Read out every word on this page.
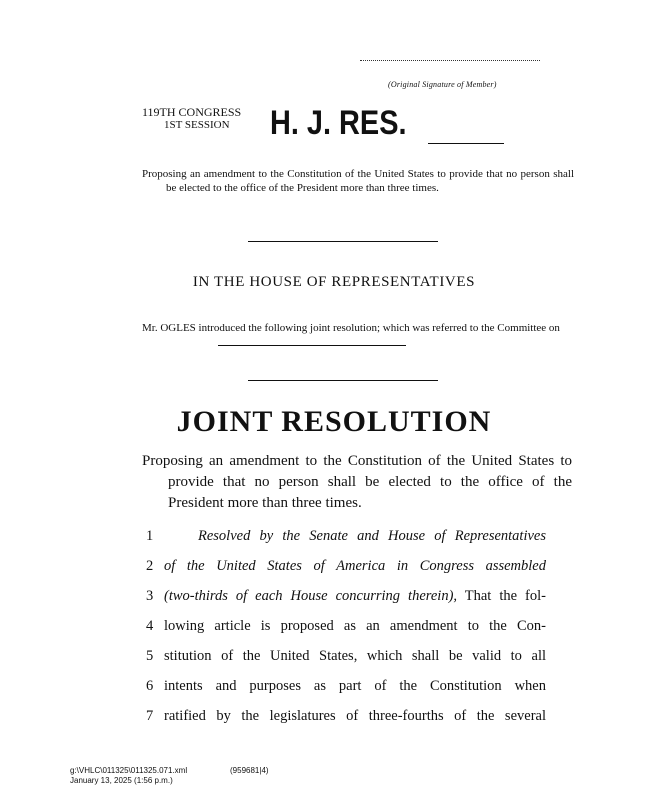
(Original Signature of Member)
119TH CONGRESS
1ST SESSION	H. J. RES.
Proposing an amendment to the Constitution of the United States to provide that no person shall be elected to the office of the President more than three times.
IN THE HOUSE OF REPRESENTATIVES
Mr. OGLES introduced the following joint resolution; which was referred to the Committee on
JOINT RESOLUTION
Proposing an amendment to the Constitution of the United States to provide that no person shall be elected to the office of the President more than three times.
1	Resolved by the Senate and House of Representatives
2 of the United States of America in Congress assembled
3 (two-thirds of each House concurring therein), That the fol-
4 lowing article is proposed as an amendment to the Con-
5 stitution of the United States, which shall be valid to all
6 intents and purposes as part of the Constitution when
7 ratified by the legislatures of three-fourths of the several
g:\VHLC\011325\011325.071.xml	(959681|4)
January 13, 2025 (1:56 p.m.)
